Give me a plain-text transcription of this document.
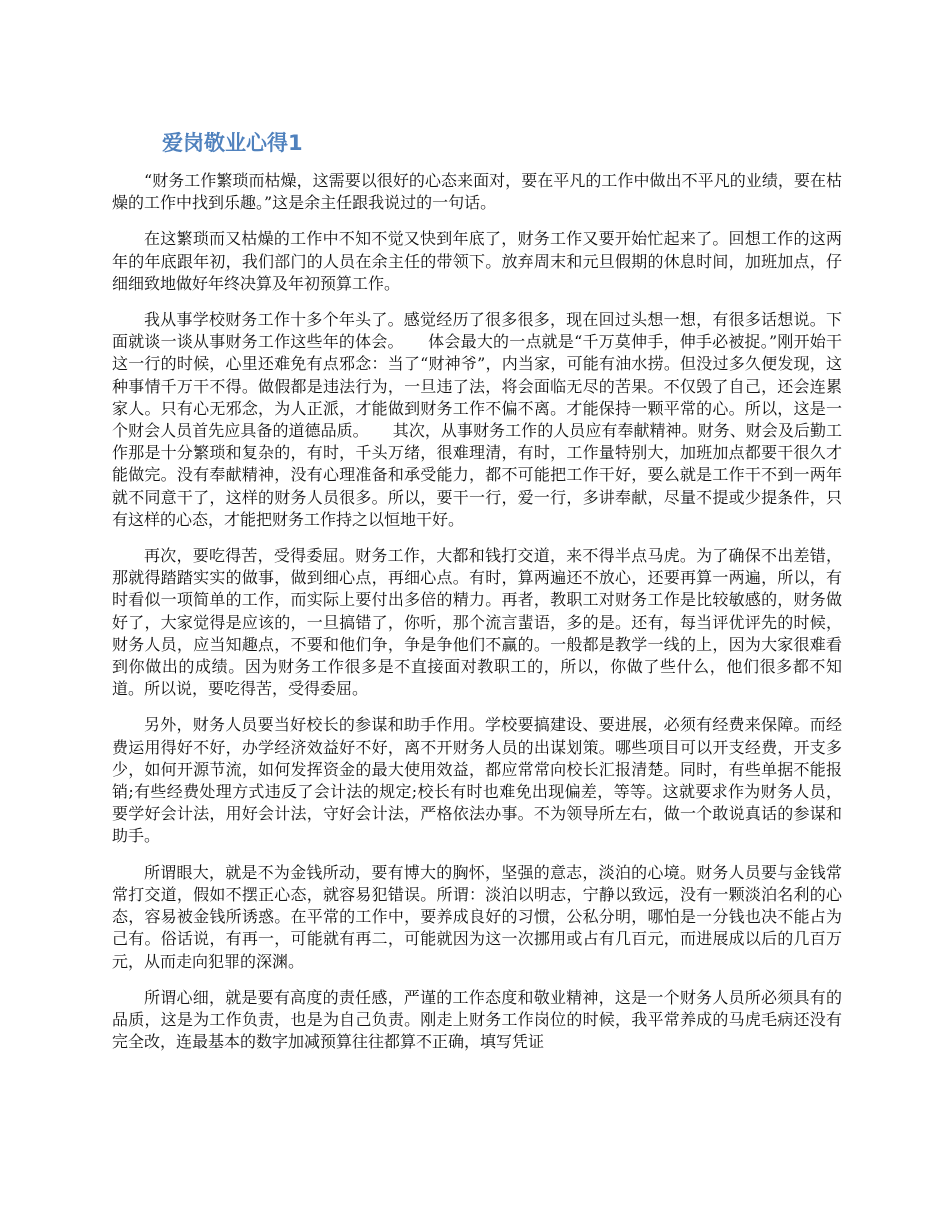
爱岗敬业心得1

“财务工作繁琐而枯燥，这需要以很好的心态来面对，要在平凡的工作中做出不平凡的业绩，要在枯燥的工作中找到乐趣。”这是余主任跟我说过的一句话。

在这繁琐而又枯燥的工作中不知不觉又快到年底了，财务工作又要开始忙起来了。回想工作的这两年的年底跟年初，我们部门的人员在余主任的带领下。放弃周末和元旦假期的休息时间，加班加点，仔细细致地做好年终决算及年初预算工作。

我从事学校财务工作十多个年头了。感觉经历了很多很多，现在回过头想一想，有很多话想说。下面就谈一谈从事财务工作这些年的体会。　　体会最大的一点就是“千万莫伸手，伸手必被捉。”刚开始干这一行的时候，心里还难免有点邪念：当了“财神爷”，内当家，可能有油水捞。但没过多久便发现，这种事情千万干不得。做假都是违法行为，一旦违了法，将会面临无尽的苦果。不仅毁了自己，还会连累家人。只有心无邪念，为人正派，才能做到财务工作不偏不离。才能保持一颗平常的心。所以，这是一个财会人员首先应具备的道德品质。　　其次，从事财务工作的人员应有奉献精神。财务、财会及后勤工作那是十分繁琐和复杂的，有时，千头万绪，很难理清，有时，工作量特别大，加班加点都要干很久才能做完。没有奉献精神，没有心理准备和承受能力，都不可能把工作干好，要么就是工作干不到一两年就不同意干了，这样的财务人员很多。所以，要干一行，爱一行，多讲奉献，尽量不提或少提条件，只有这样的心态，才能把财务工作持之以恒地干好。

再次，要吃得苦，受得委屈。财务工作，大都和钱打交道，来不得半点马虎。为了确保不出差错，那就得踏踏实实的做事，做到细心点，再细心点。有时，算两遍还不放心，还要再算一两遍，所以，有时看似一项简单的工作，而实际上要付出多倍的精力。再者，教职工对财务工作是比较敏感的，财务做好了，大家觉得是应该的，一旦搞错了，你听，那个流言蜚语，多的是。还有，每当评优评先的时候，财务人员，应当知趣点，不要和他们争，争是争他们不赢的。一般都是教学一线的上，因为大家很难看到你做出的成绩。因为财务工作很多是不直接面对教职工的，所以，你做了些什么，他们很多都不知道。所以说，要吃得苦，受得委屈。

另外，财务人员要当好校长的参谋和助手作用。学校要搞建设、要进展，必须有经费来保障。而经费运用得好不好，办学经济效益好不好，离不开财务人员的出谋划策。哪些项目可以开支经费，开支多少，如何开源节流，如何发挥资金的最大使用效益，都应常常向校长汇报清楚。同时，有些单据不能报销;有些经费处理方式违反了会计法的规定;校长有时也难免出现偏差，等等。这就要求作为财务人员，要学好会计法，用好会计法，守好会计法，严格依法办事。不为领导所左右，做一个敢说真话的参谋和助手。

所谓眼大，就是不为金钱所动，要有博大的胸怀，坚强的意志，淡泊的心境。财务人员要与金钱常常打交道，假如不摆正心态，就容易犯错误。所谓：淡泊以明志，宁静以致远，没有一颗淡泊名利的心态，容易被金钱所诱惑。在平常的工作中，要养成良好的习惯，公私分明，哪怕是一分钱也决不能占为己有。俗话说，有再一，可能就有再二，可能就因为这一次挪用或占有几百元，而进展成以后的几百万元，从而走向犯罪的深渊。

所谓心细，就是要有高度的责任感，严谨的工作态度和敬业精神，这是一个财务人员所必须具有的品质，这是为工作负责，也是为自己负责。刚走上财务工作岗位的时候，我平常养成的马虎毛病还没有完全改，连最基本的数字加减预算往往都算不正确，填写凭证
